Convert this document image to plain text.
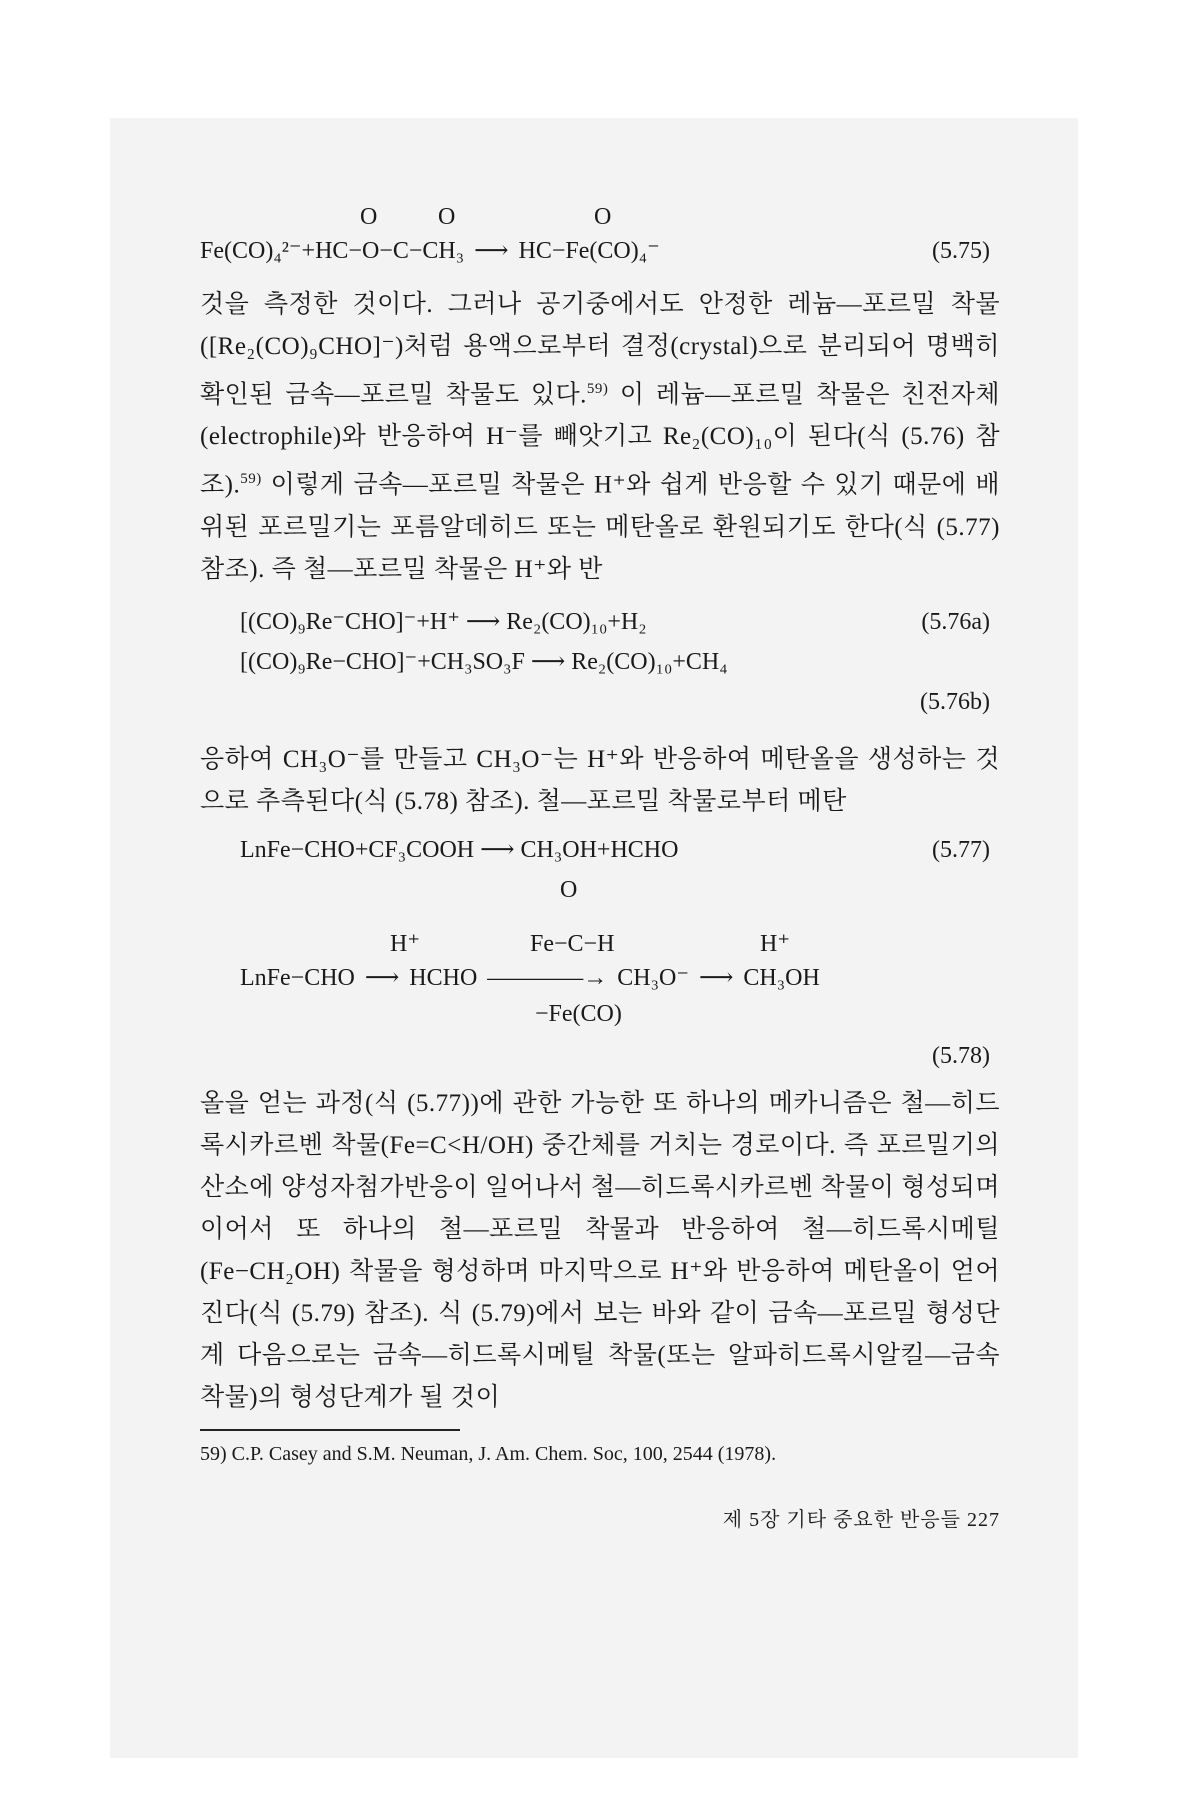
O	O	O
Fe(CO)₄²⁻+HC−O−C−CH₃ ⟶ HC−Fe(CO)₄⁻	(5.75)

것을 측정한 것이다. 그러나 공기중에서도 안정한 레늄—포르밀 착물([Re₂(CO)₉CHO]⁻)처럼 용액으로부터 결정(crystal)으로 분리되어 명백히 확인된 금속—포르밀 착물도 있다.$^{59)}$ 이 레늄—포르밀 착물은 친전자체(electrophile)와 반응하여 H⁻를 빼앗기고 Re₂(CO)₁₀이 된다(식 (5.76) 참조).$^{59)}$ 이렇게 금속—포르밀 착물은 H⁺와 쉽게 반응할 수 있기 때문에 배위된 포르밀기는 포름알데히드 또는 메탄올로 환원되기도 한다(식 (5.77) 참조). 즉 철—포르밀 착물은 H⁺와 반

[(CO)₉Re⁻CHO]⁻+H⁺ ⟶ Re₂(CO)₁₀+H₂	(5.76a)
[(CO)₉Re−CHO]⁻+CH₃SO₃F ⟶ Re₂(CO)₁₀+CH₄
(5.76b)

응하여 CH₃O⁻를 만들고 CH₃O⁻는 H⁺와 반응하여 메탄올을 생성하는 것으로 추측된다(식 (5.78) 참조). 철—포르밀 착물로부터 메탄

LnFe−CHO+CF₃COOH ⟶ CH₃OH+HCHO	(5.77)
O
H⁺	Fe−C−H	H⁺
LnFe−CHO ⟶ HCHO ————→ CH₃O⁻ ⟶ CH₃OH
−Fe(CO)
(5.78)

올을 얻는 과정(식 (5.77))에 관한 가능한 또 하나의 메카니즘은 철—히드록시카르벤 착물(Fe=C<H/OH) 중간체를 거치는 경로이다. 즉 포르밀기의 산소에 양성자첨가반응이 일어나서 철—히드록시카르벤 착물이 형성되며 이어서 또 하나의 철—포르밀 착물과 반응하여 철—히드록시메틸(Fe−CH₂OH) 착물을 형성하며 마지막으로 H⁺와 반응하여 메탄올이 얻어진다(식 (5.79) 참조). 식 (5.79)에서 보는 바와 같이 금속—포르밀 형성단계 다음으로는 금속—히드록시메틸 착물(또는 알파히드록시알킬—금속착물)의 형성단계가 될 것이

59) C.P. Casey and S.M. Neuman, J. Am. Chem. Soc, 100, 2544 (1978).
제 5장 기타 중요한 반응들 227
